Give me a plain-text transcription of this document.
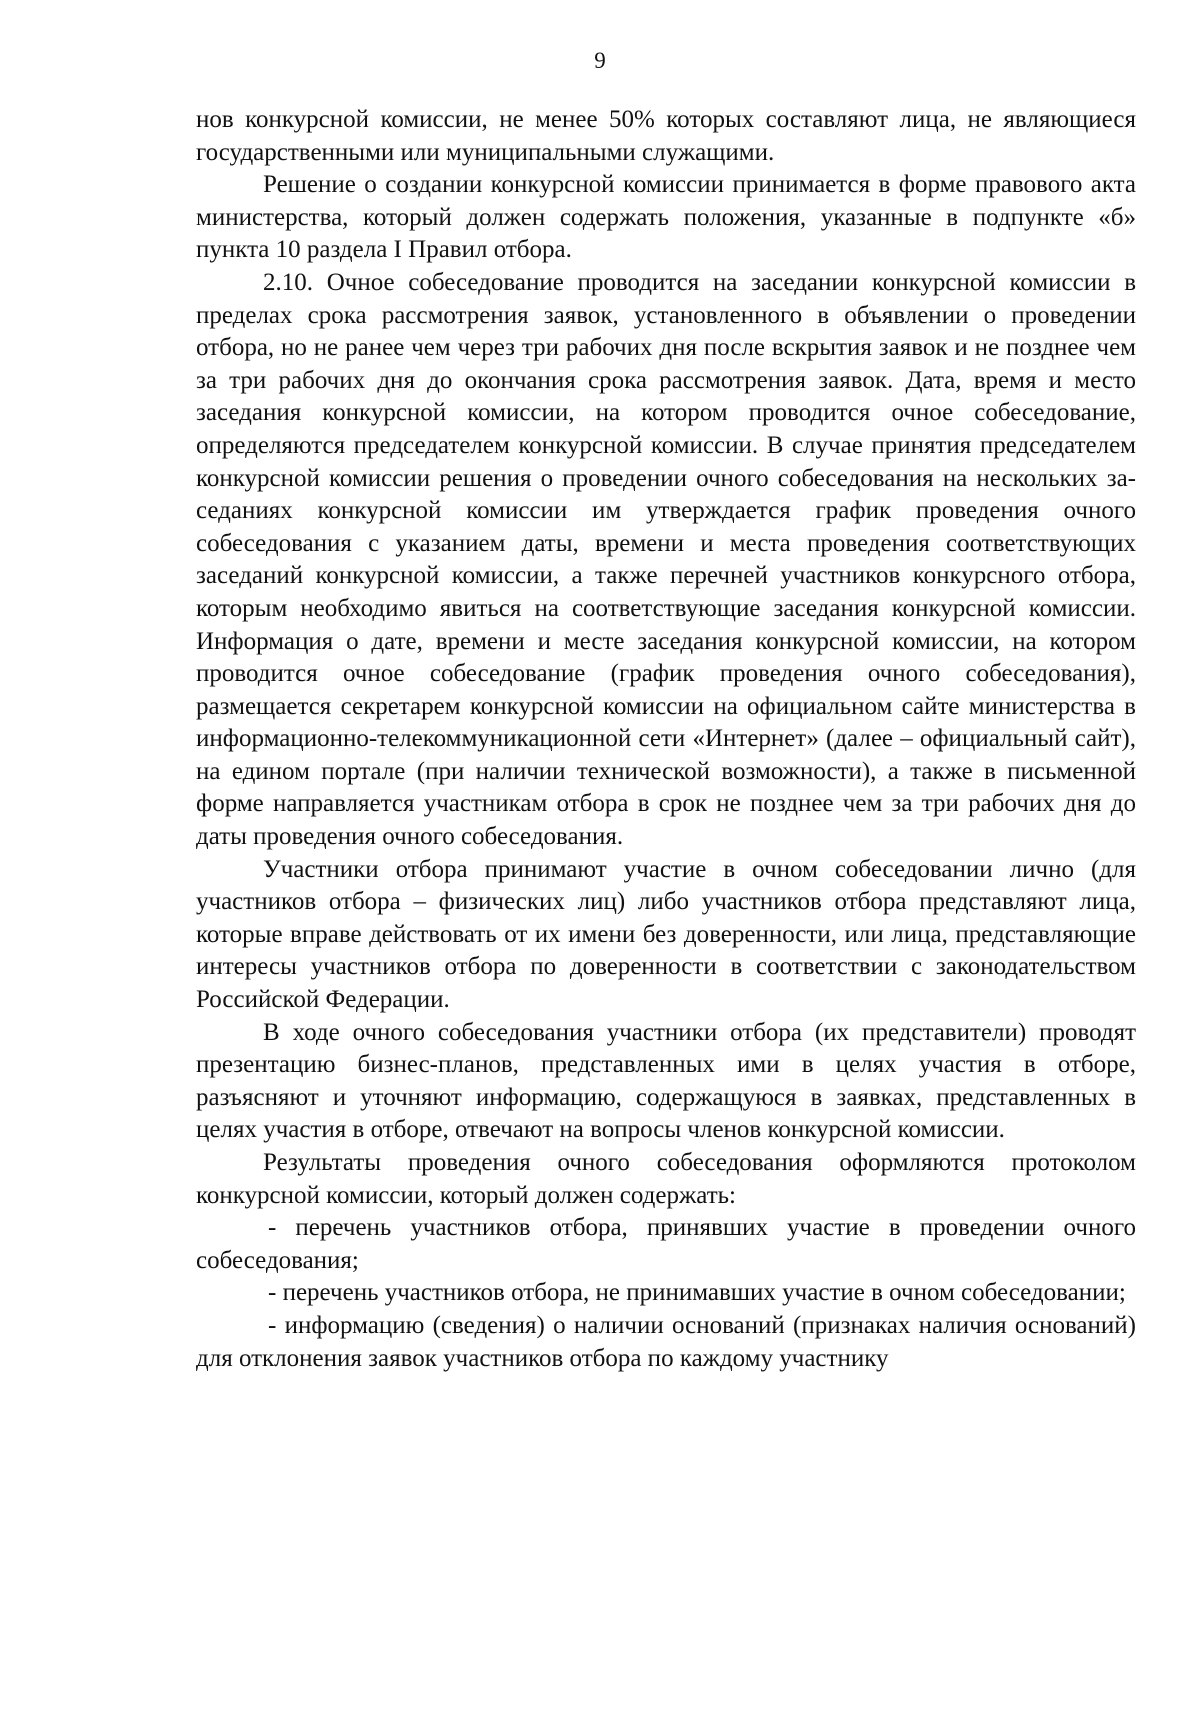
9

нов конкурсной комиссии, не менее 50% которых составляют лица, не являющиеся государственными или муниципальными служащими.

Решение о создании конкурсной комиссии принимается в форме правового акта министерства, который должен содержать положения, указанные в подпункте «б» пункта 10 раздела I Правил отбора.

2.10. Очное собеседование проводится на заседании конкурсной комиссии в пределах срока рассмотрения заявок, установленного в объявлении о проведении отбора, но не ранее чем через три рабочих дня после вскрытия заявок и не позднее чем за три рабочих дня до окончания срока рассмотрения заявок. Дата, время и место заседания конкурсной комиссии, на котором проводится очное собеседование, определяются председателем конкурсной комиссии. В случае принятия председателем конкурсной комиссии решения о проведении очного собеседования на нескольких заседаниях конкурсной комиссии им утверждается график проведения очного собеседования с указанием даты, времени и места проведения соответствующих заседаний конкурсной комиссии, а также перечней участников конкурсного отбора, которым необходимо явиться на соответствующие заседания конкурсной комиссии. Информация о дате, времени и месте заседания конкурсной комиссии, на котором проводится очное собеседование (график проведения очного собеседования), размещается секретарем конкурсной комиссии на официальном сайте министерства в информационно-телекоммуникационной сети «Интернет» (далее – официальный сайт), на едином портале (при наличии технической возможности), а также в письменной форме направляется участникам отбора в срок не позднее чем за три рабочих дня до даты проведения очного собеседования.

Участники отбора принимают участие в очном собеседовании лично (для участников отбора – физических лиц) либо участников отбора представляют лица, которые вправе действовать от их имени без доверенности, или лица, представляющие интересы участников отбора по доверенности в соответствии с законодательством Российской Федерации.

В ходе очного собеседования участники отбора (их представители) проводят презентацию бизнес-планов, представленных ими в целях участия в отборе, разъясняют и уточняют информацию, содержащуюся в заявках, представленных в целях участия в отборе, отвечают на вопросы членов конкурсной комиссии.

Результаты проведения очного собеседования оформляются протоколом конкурсной комиссии, который должен содержать:

- перечень участников отбора, принявших участие в проведении очного собеседования;

- перечень участников отбора, не принимавших участие в очном собеседовании;

- информацию (сведения) о наличии оснований (признаках наличия оснований) для отклонения заявок участников отбора по каждому участнику
